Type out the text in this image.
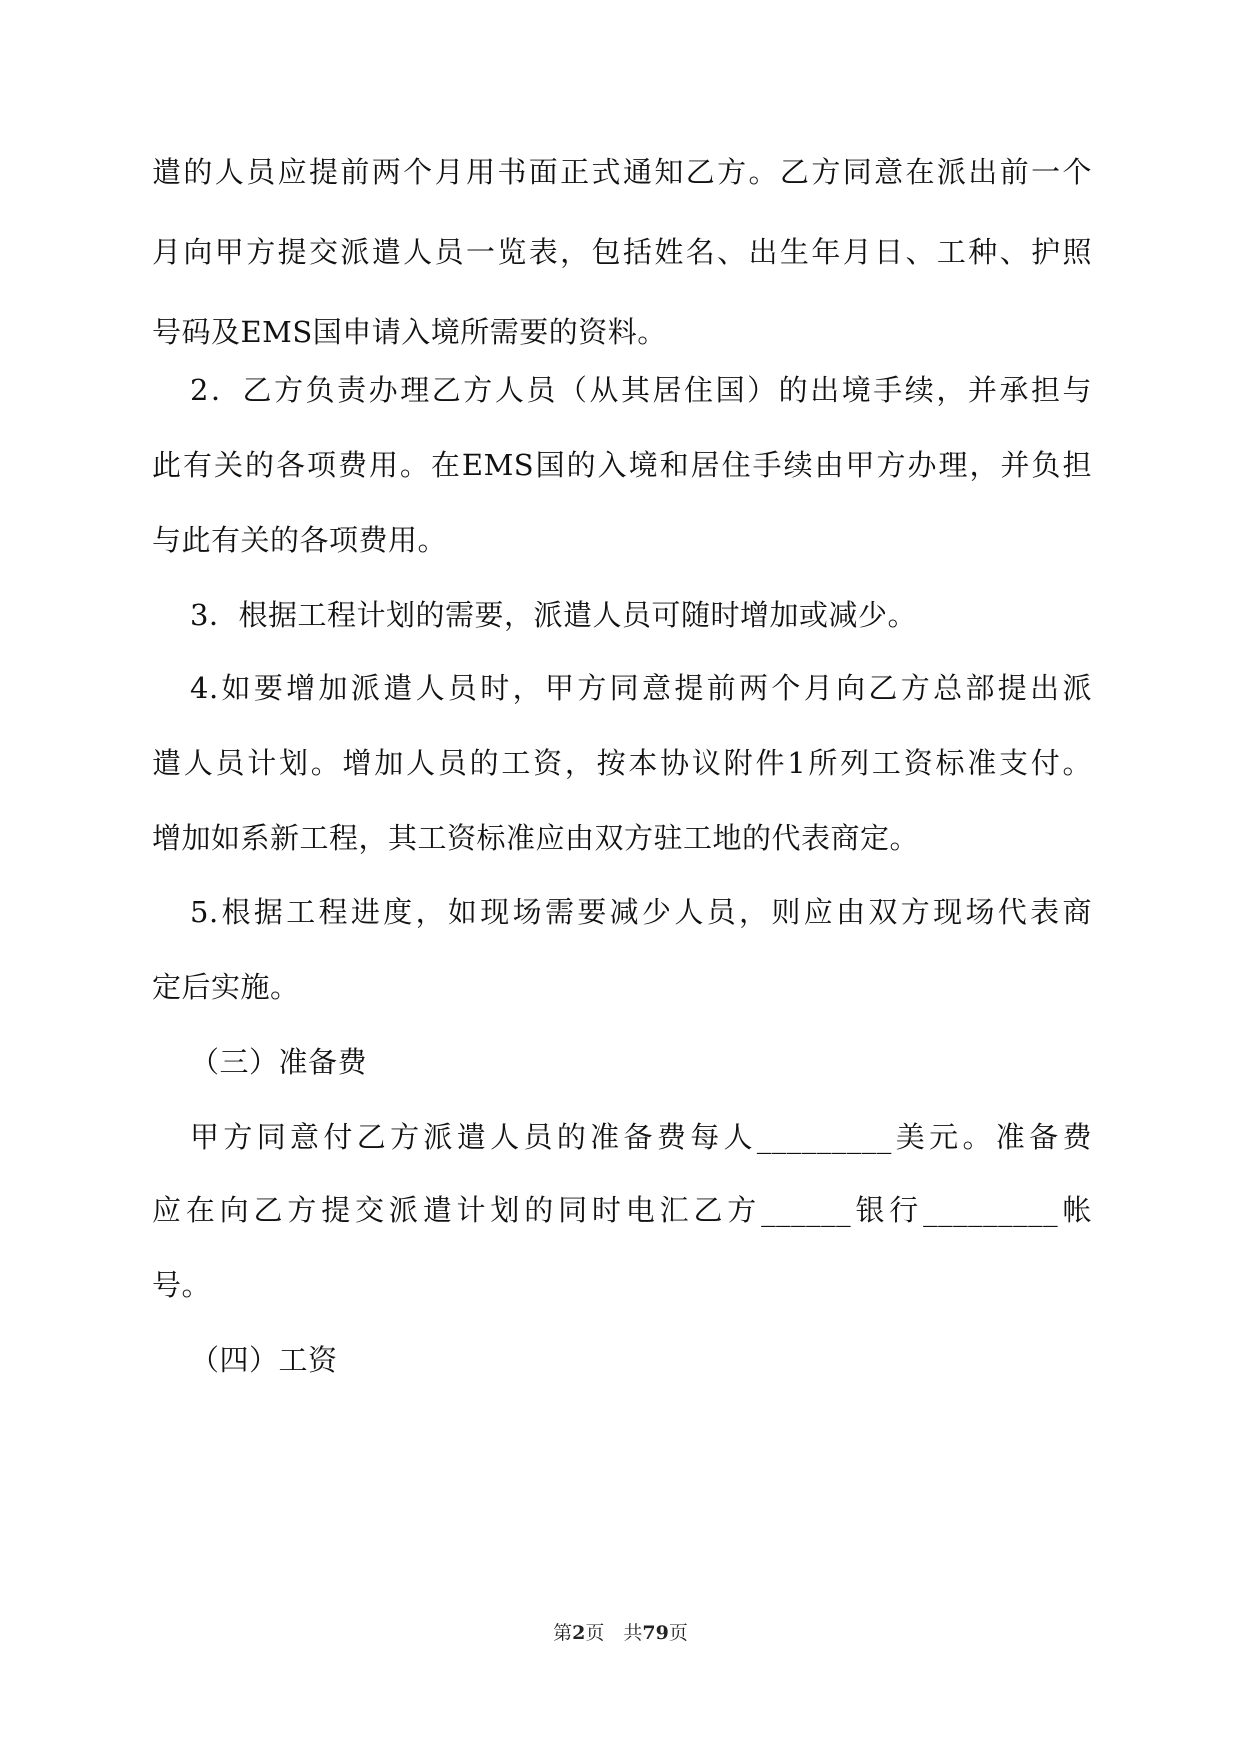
遣的人员应提前两个月用书面正式通知乙方。乙方同意在派出前一个
月向甲方提交派遣人员一览表，包括姓名、出生年月日、工种、护照
号码及EMS国申请入境所需要的资料。
2．乙方负责办理乙方人员（从其居住国）的出境手续，并承担与
此有关的各项费用。在EMS国的入境和居住手续由甲方办理，并负担
与此有关的各项费用。
3．根据工程计划的需要，派遣人员可随时增加或减少。
4.如要增加派遣人员时，甲方同意提前两个月向乙方总部提出派
遣人员计划。增加人员的工资，按本协议附件1所列工资标准支付。
增加如系新工程，其工资标准应由双方驻工地的代表商定。
5.根据工程进度，如现场需要减少人员，则应由双方现场代表商
定后实施。
（三）准备费
甲方同意付乙方派遣人员的准备费每人_________美元。准备费
应在向乙方提交派遣计划的同时电汇乙方______银行_________帐
号。
（四）工资
第2页　共79页
